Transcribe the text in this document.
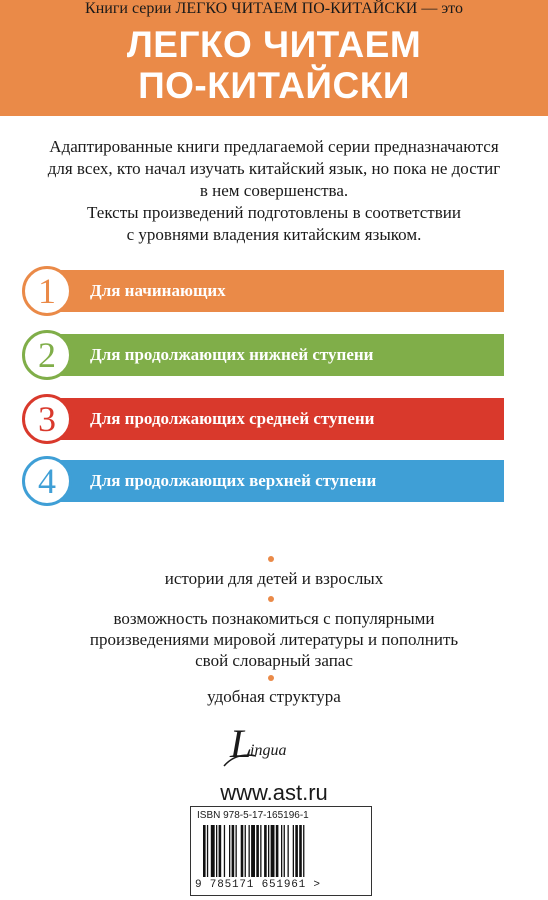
ЛЕГКО ЧИТАЕМ
ПО-КИТАЙСКИ

Адаптированные книги предлагаемой серии предназначаются

для всех, кто начал изучать китайский язык, но пока не достиг

в нем совершенства.

Тексты произведений подготовлены в соответствии

с уровнями владения китайским языком.

1	Для начинающих
2	Для продолжающих нижней ступени
3	Для продолжающих средней ступени
4	Для продолжающих верхней ступени
Книги серии ЛЕГКО ЧИТАЕМ ПО-КИТАЙСКИ — это
истории для детей и взрослых
возможность познакомиться с популярными
произведениями мировой литературы и пополнить
свой словарный запас
удобная структура
L
ingua
www.ast.ru
ISBN 978-5-17-165196-1
9 785171 651961 >
